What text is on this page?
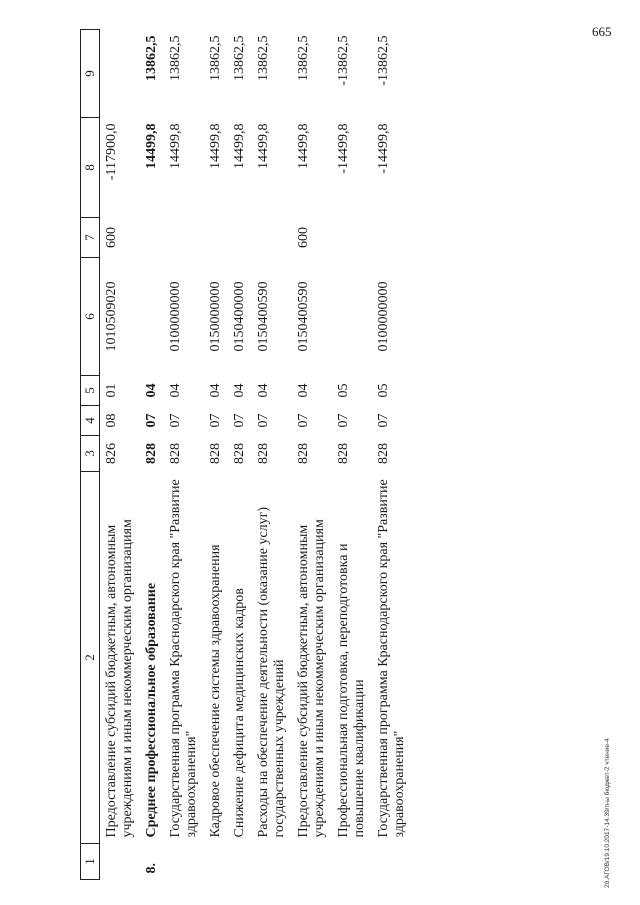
665
1	2	3	4	5	6	7	8	9
	Предоставление субсидий бюджетным, автономным учреждениям и иным некоммерческим организациям	826	08	01	1010509020	600	-117900,0	
8.	Среднее профессиональное образование	828	07	04			14499,8	13862,5
	Государственная программа Краснодарского края "Развитие здравоохранения"	828	07	04	0100000000		14499,8	13862,5
	Кадровое обеспечение системы здравоохранения	828	07	04	0150000000		14499,8	13862,5
	Снижение дефицита медицинских кадров	828	07	04	0150400000		14499,8	13862,5
	Расходы на обеспечение деятельности (оказание услуг) государственных учреждений	828	07	04	0150400590		14499,8	13862,5
	Предоставление субсидий бюджетным, автономным учреждениям и иным некоммерческим организациям	828	07	04	0150400590	600	14499,8	13862,5
	Профессиональная подготовка, переподготовка и повышение квалификации	828	07	05			-14499,8	-13862,5
	Государственная программа Краснодарского края "Развитие здравоохранения"	828	07	05	0100000000		-14499,8	-13862,5
20.АГОВ/19.10.2017-14.39/п-ы бюджет-2 чтение-4
